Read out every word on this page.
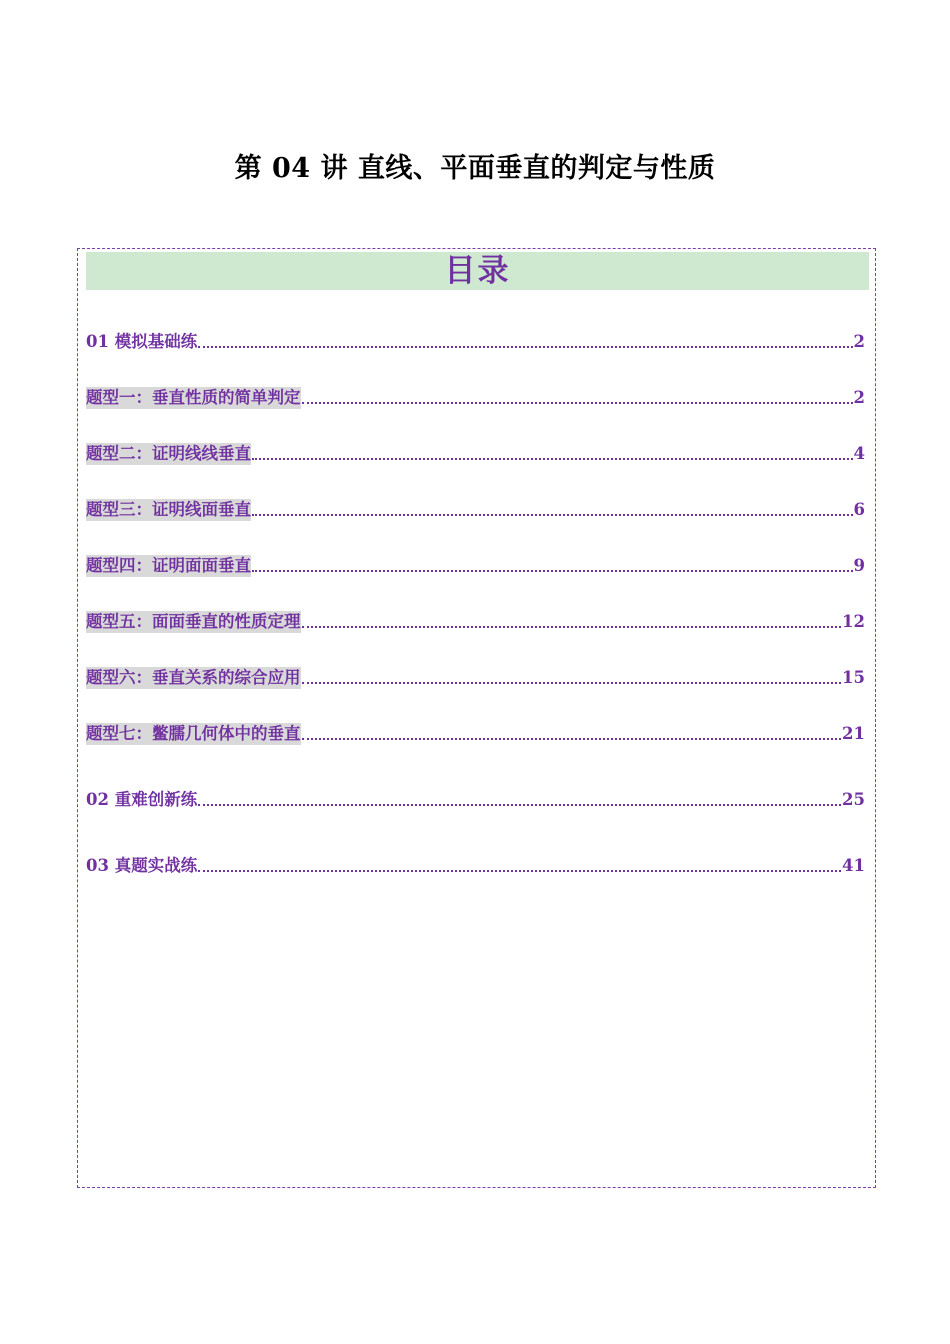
第 04 讲 直线、平面垂直的判定与性质
目录
01 模拟基础练	2
题型一：垂直性质的简单判定	2
题型二：证明线线垂直	4
题型三：证明线面垂直	6
题型四：证明面面垂直	9
题型五：面面垂直的性质定理	12
题型六：垂直关系的综合应用	15
题型七：鳖臑几何体中的垂直	21
02 重难创新练	25
03 真题实战练	41
